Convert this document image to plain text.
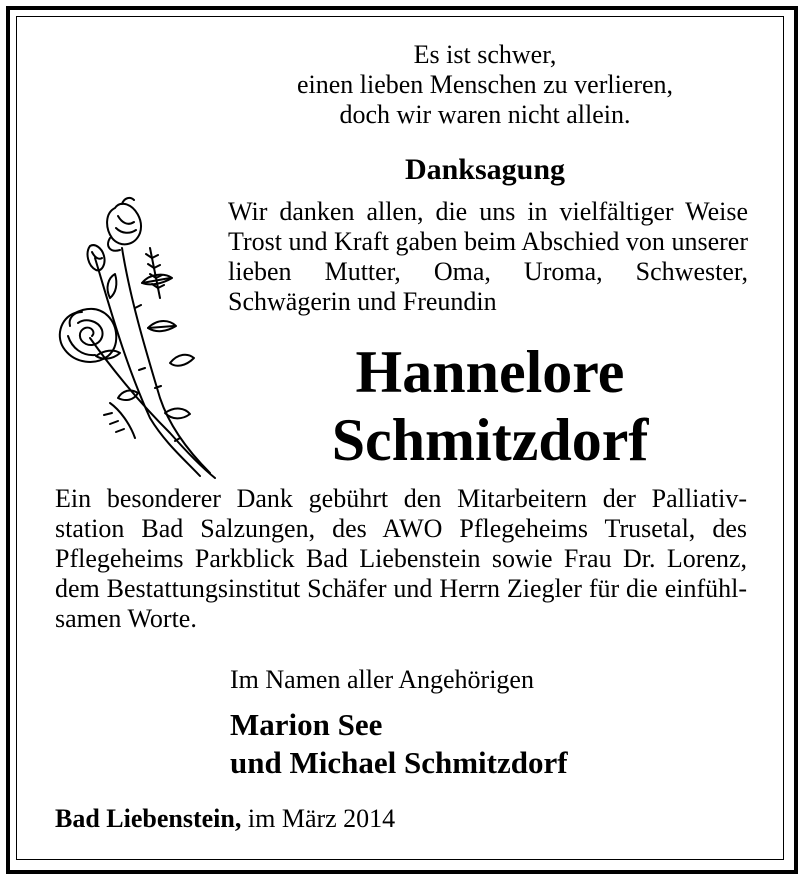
Es ist schwer,
einen lieben Menschen zu verlieren,
doch wir waren nicht allein.
Danksagung
Wir danken allen, die uns in vielfältiger Weise
Trost und Kraft gaben beim Abschied von unserer
lieben Mutter, Oma, Uroma, Schwester,
Schwägerin und Freundin
Hannelore
Schmitzdorf
Ein besonderer Dank gebührt den Mitarbeitern der Palliativ-
station Bad Salzungen, des AWO Pflegeheims Trusetal, des
Pflegeheims Parkblick Bad Liebenstein sowie Frau Dr. Lorenz,
dem Bestattungsinstitut Schäfer und Herrn Ziegler für die einfühl-
samen Worte.
Im Namen aller Angehörigen
Marion See
und Michael Schmitzdorf
Bad Liebenstein, im März 2014
